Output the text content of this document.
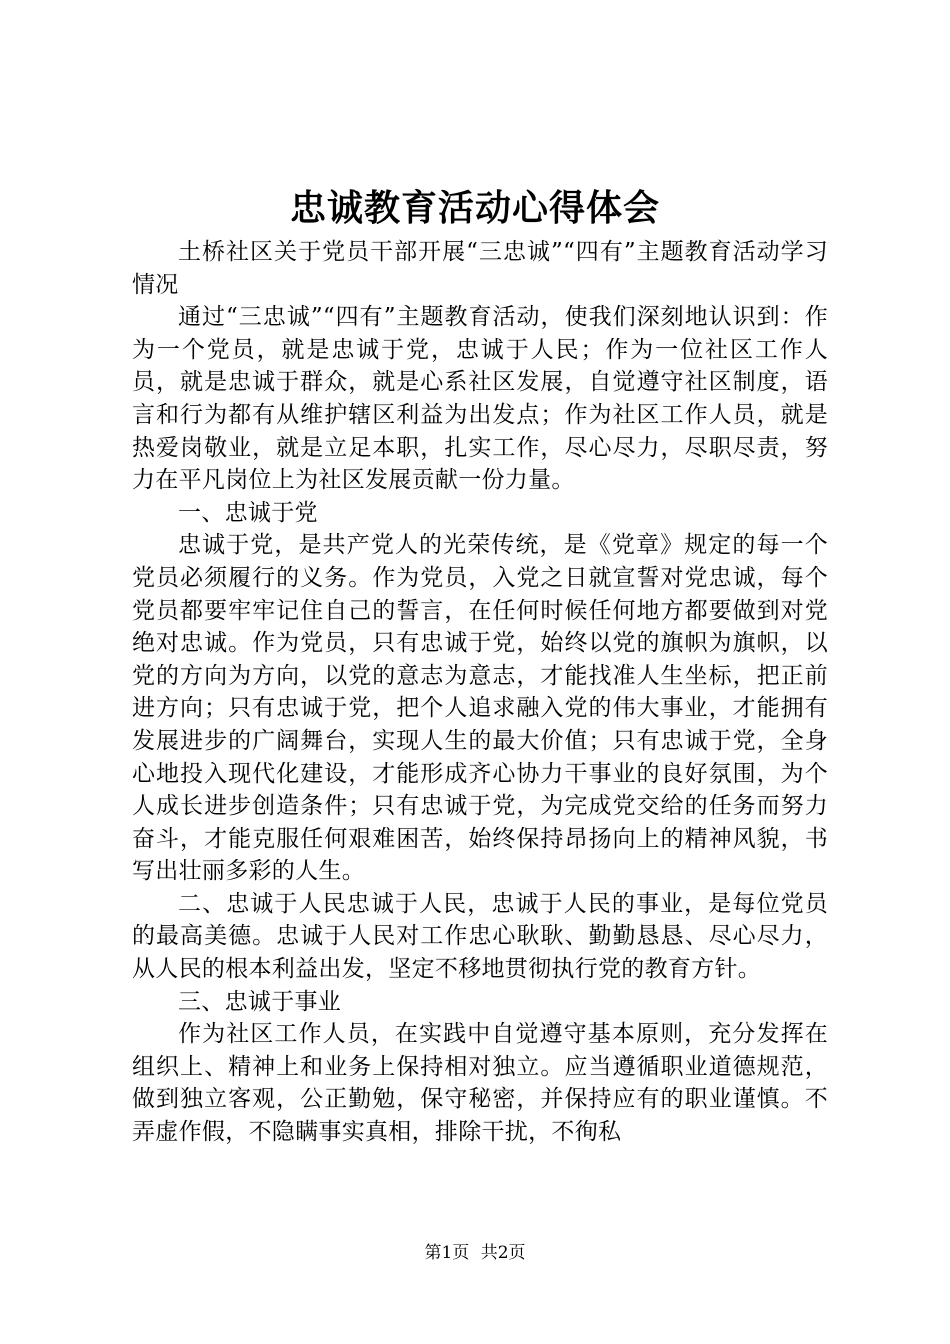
忠诚教育活动心得体会

土桥社区关于党员干部开展“三忠诚”“四有”主题教育活动学习情况

通过“三忠诚”“四有”主题教育活动，使我们深刻地认识到：作为一个党员，就是忠诚于党，忠诚于人民；作为一位社区工作人员，就是忠诚于群众，就是心系社区发展，自觉遵守社区制度，语言和行为都有从维护辖区利益为出发点；作为社区工作人员，就是热爱岗敬业，就是立足本职，扎实工作，尽心尽力，尽职尽责，努力在平凡岗位上为社区发展贡献一份力量。

一、忠诚于党

忠诚于党，是共产党人的光荣传统，是《党章》规定的每一个党员必须履行的义务。作为党员，入党之日就宣誓对党忠诚，每个党员都要牢牢记住自己的誓言，在任何时候任何地方都要做到对党绝对忠诚。作为党员，只有忠诚于党，始终以党的旗帜为旗帜，以党的方向为方向，以党的意志为意志，才能找准人生坐标，把正前进方向；只有忠诚于党，把个人追求融入党的伟大事业，才能拥有发展进步的广阔舞台，实现人生的最大价值；只有忠诚于党，全身心地投入现代化建设，才能形成齐心协力干事业的良好氛围，为个人成长进步创造条件；只有忠诚于党，为完成党交给的任务而努力奋斗，才能克服任何艰难困苦，始终保持昂扬向上的精神风貌，书写出壮丽多彩的人生。

二、忠诚于人民忠诚于人民，忠诚于人民的事业，是每位党员的最高美德。忠诚于人民对工作忠心耿耿、勤勤恳恳、尽心尽力，从人民的根本利益出发，坚定不移地贯彻执行党的教育方针。

三、忠诚于事业

作为社区工作人员，在实践中自觉遵守基本原则，充分发挥在组织上、精神上和业务上保持相对独立。应当遵循职业道德规范，做到独立客观，公正勤勉，保守秘密，并保持应有的职业谨慎。不弄虚作假，不隐瞒事实真相，排除干扰，不徇私

第1页 共2页
